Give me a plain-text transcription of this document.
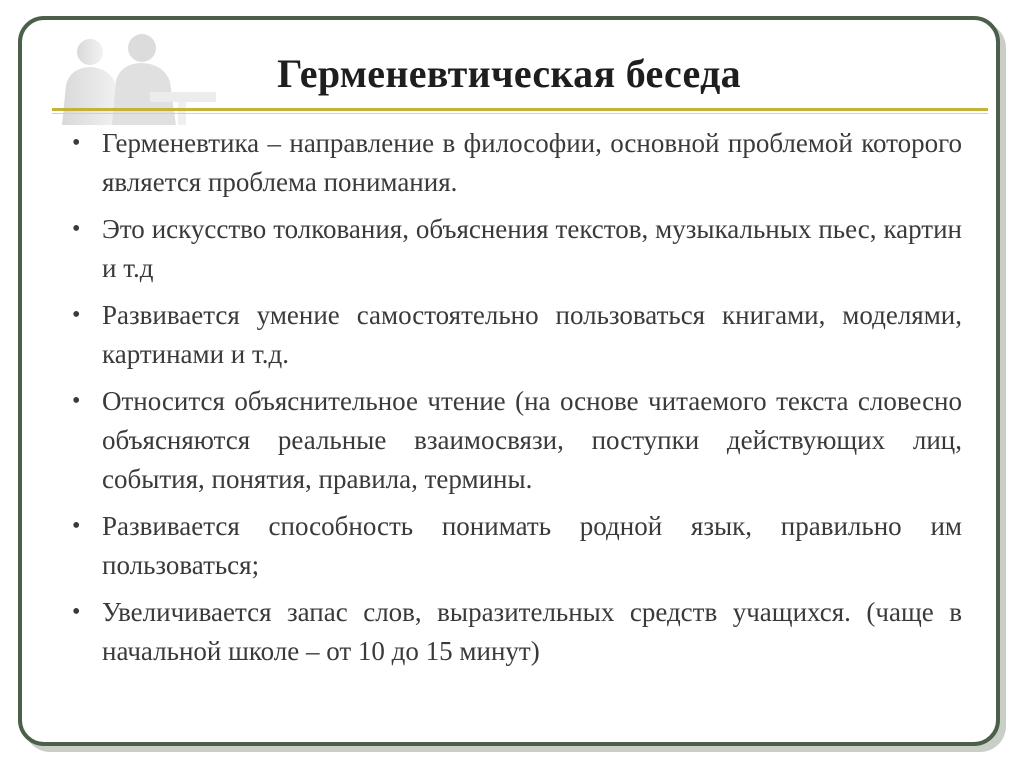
Герменевтическая беседа
• Герменевтика – направление в философии, основной проблемой которого является проблема понимания.
• Это искусство толкования, объяснения текстов, музыкальных пьес, картин и т.д
• Развивается умение самостоятельно пользоваться книгами, моделями, картинами и т.д.
• Относится объяснительное чтение (на основе читаемого текста словесно объясняются реальные взаимосвязи, поступки действующих лиц, события, понятия, правила, термины.
• Развивается способность понимать родной язык, правильно им пользоваться;
• Увеличивается запас слов, выразительных средств учащихся. (чаще в начальной школе – от 10 до 15 минут)
